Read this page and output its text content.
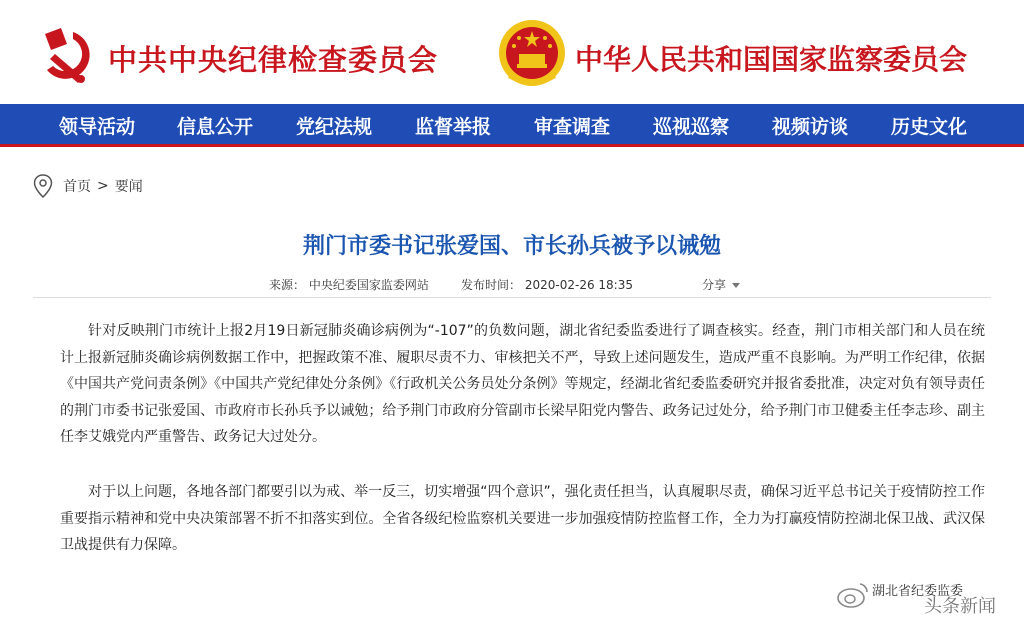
中共中央纪律检查委员会	中华人民共和国国家监察委员会
领导活动 信息公开 党纪法规 监督举报 审查调查 巡视巡察 视频访谈 历史文化
首页 > 要闻
荆门市委书记张爱国、市长孙兵被予以诫勉
来源： 中央纪委国家监委网站	发布时间： 2020-02-26 18:35	分享

针对反映荆门市统计上报2月19日新冠肺炎确诊病例为“-107”的负数问题，湖北省纪委监委进行了调查核实。经查，荆门市相关部门和人员在统计上报新冠肺炎确诊病例数据工作中，把握政策不准、履职尽责不力、审核把关不严，导致上述问题发生，造成严重不良影响。为严明工作纪律，依据《中国共产党问责条例》《中国共产党纪律处分条例》《行政机关公务员处分条例》等规定，经湖北省纪委监委研究并报省委批准，决定对负有领导责任的荆门市委书记张爱国、市政府市长孙兵予以诫勉；给予荆门市政府分管副市长梁早阳党内警告、政务记过处分，给予荆门市卫健委主任李志珍、副主任李艾娥党内严重警告、政务记大过处分。

对于以上问题，各地各部门都要引以为戒、举一反三，切实增强“四个意识”，强化责任担当，认真履职尽责，确保习近平总书记关于疫情防控工作重要指示精神和党中央决策部署不折不扣落实到位。全省各级纪检监察机关要进一步加强疫情防控监督工作，全力为打赢疫情防控湖北保卫战、武汉保卫战提供有力保障。

湖北省纪委监委
头条新闻
